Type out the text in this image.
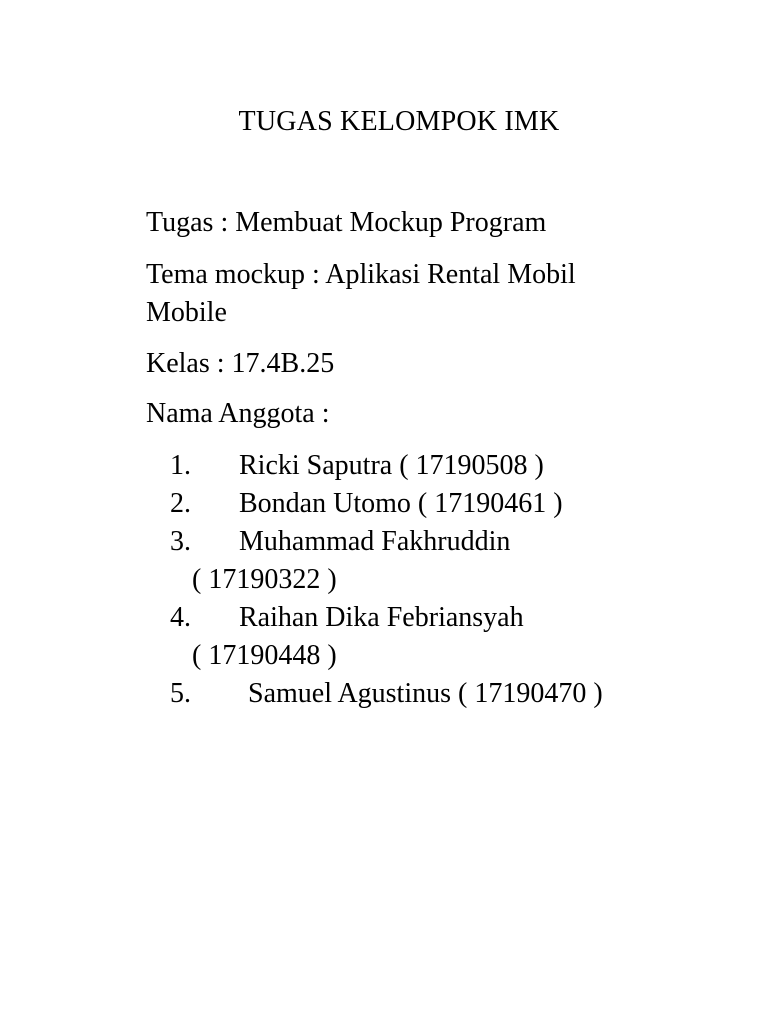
TUGAS KELOMPOK IMK
Tugas : Membuat Mockup Program
Tema mockup : Aplikasi Rental Mobil
Mobile
Kelas : 17.4B.25
Nama Anggota :
1. Ricki Saputra ( 17190508 )
2. Bondan Utomo ( 17190461 )
3. Muhammad Fakhruddin
( 17190322 )
4. Raihan Dika Febriansyah
( 17190448 )
5. Samuel Agustinus ( 17190470 )
